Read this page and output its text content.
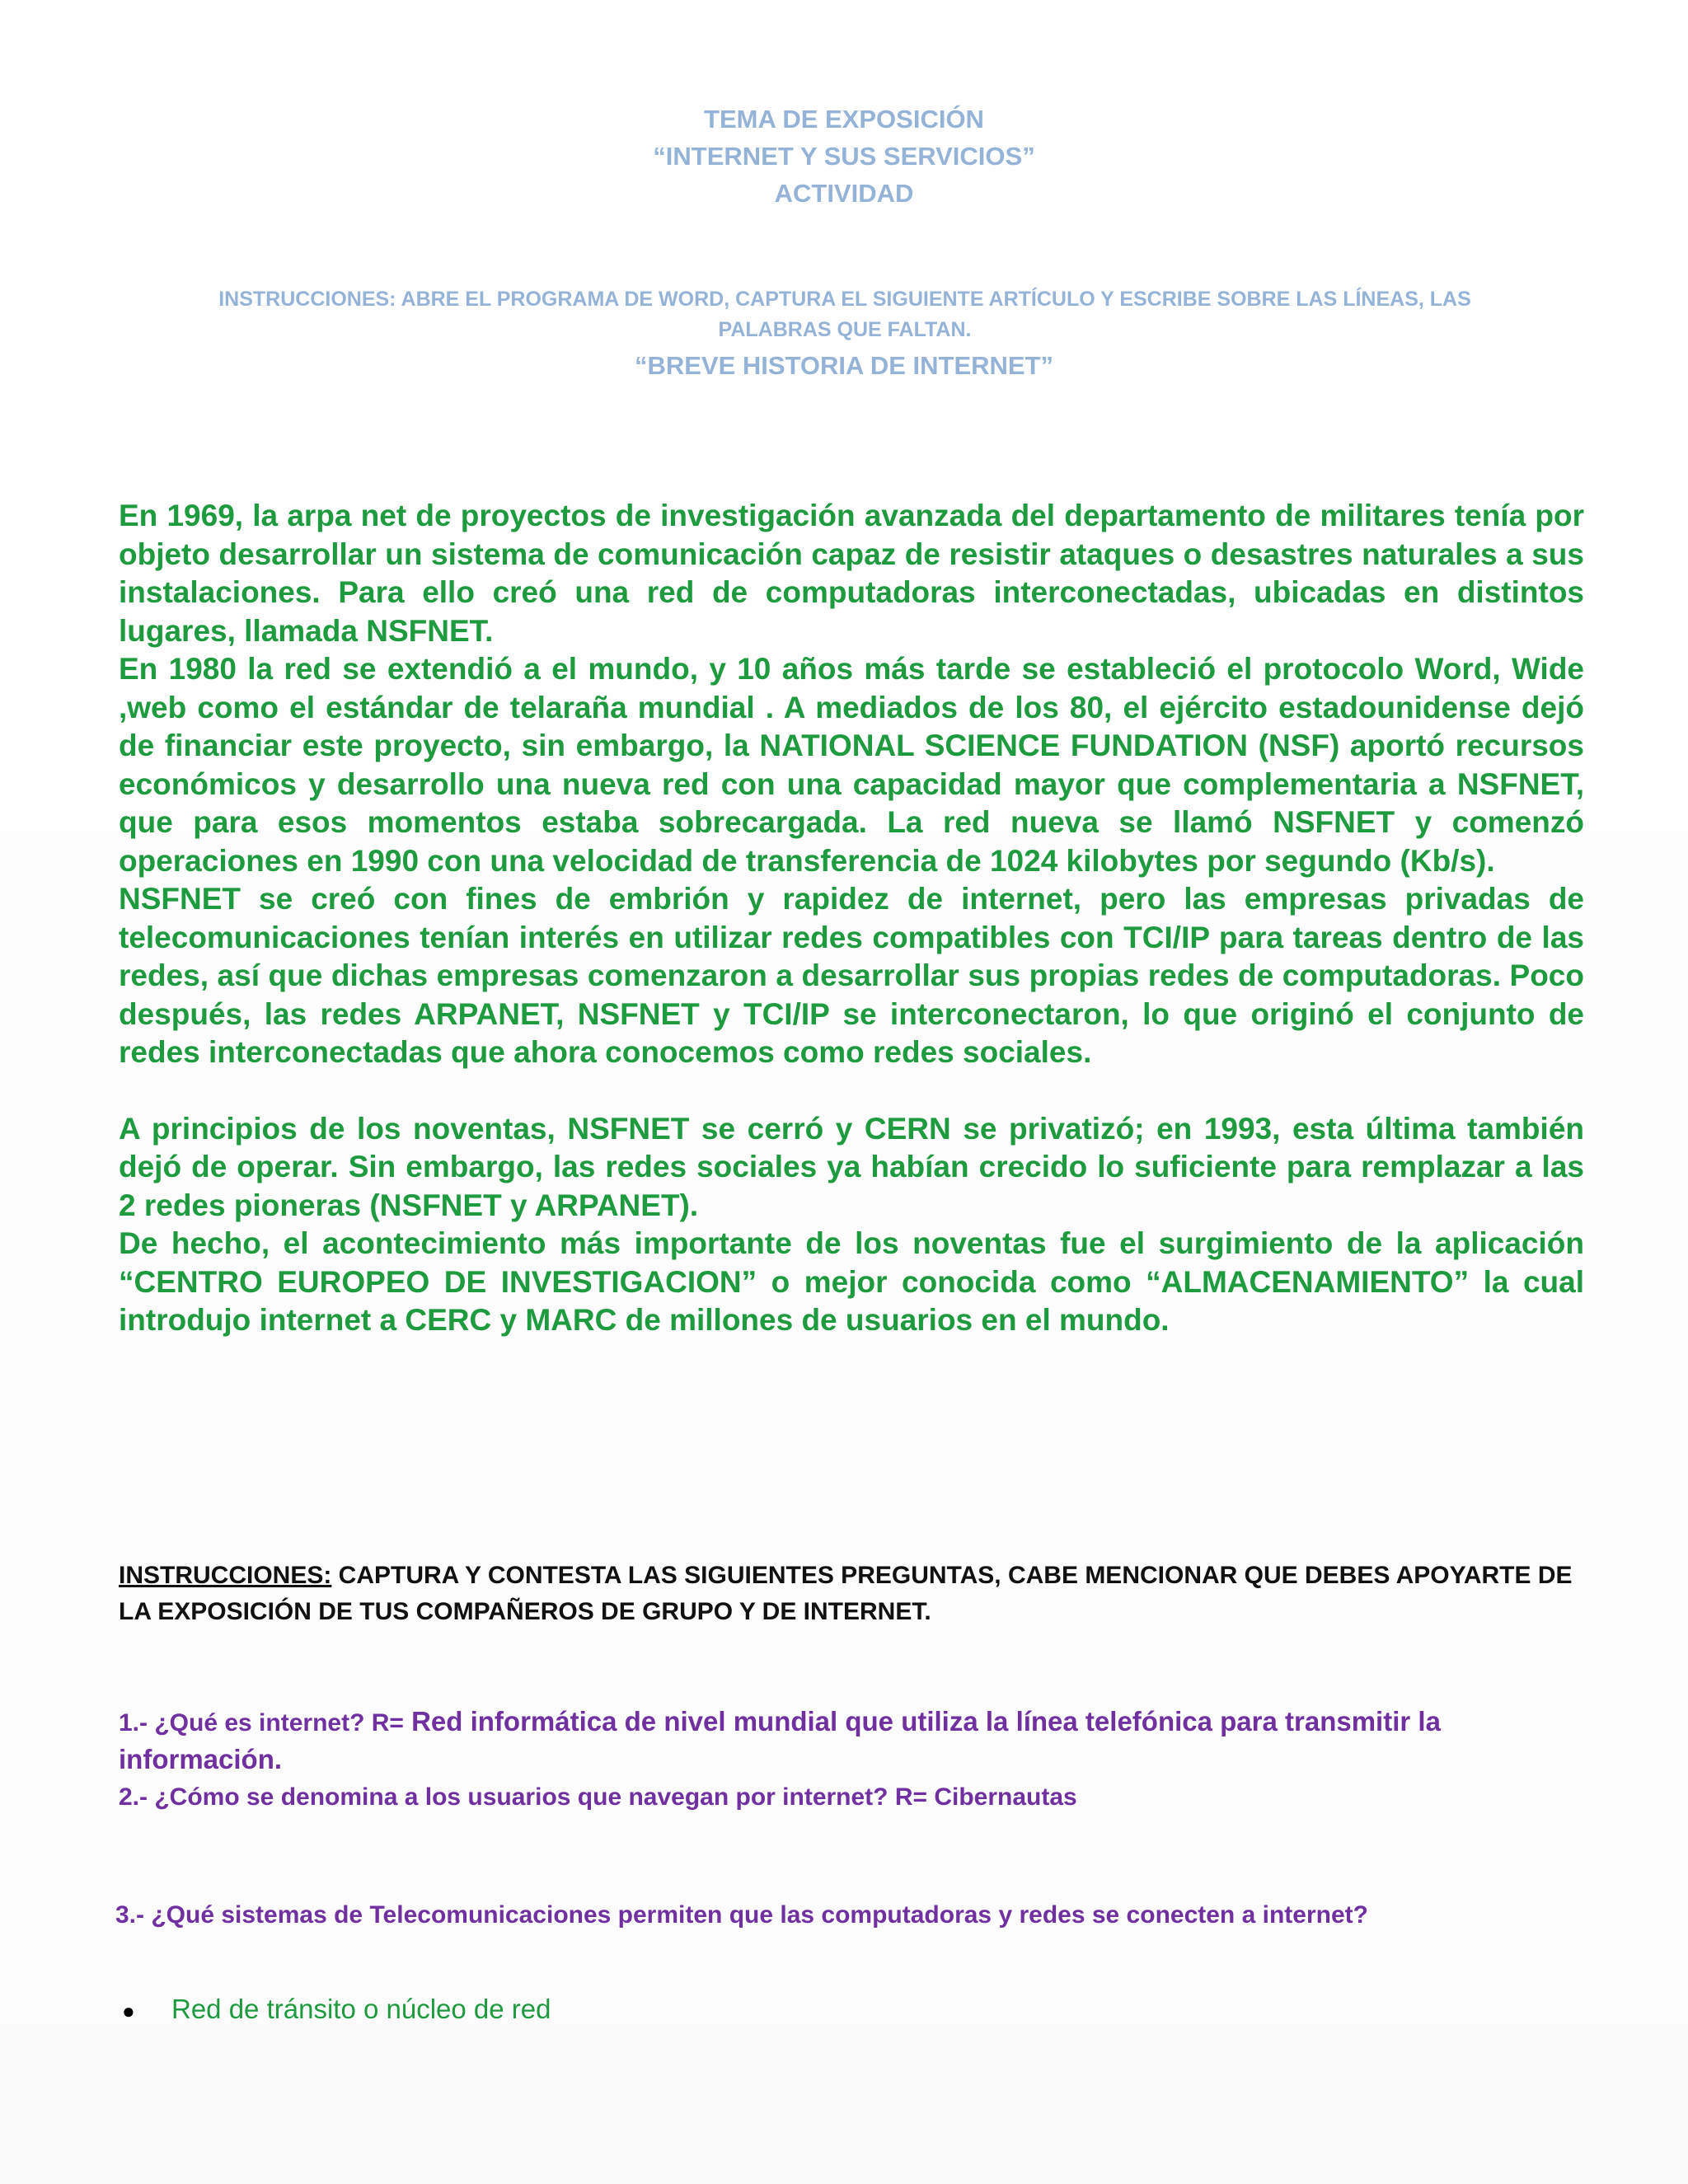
TEMA DE EXPOSICIÓN
“INTERNET Y SUS SERVICIOS”
ACTIVIDAD
INSTRUCCIONES: ABRE EL PROGRAMA DE WORD, CAPTURA EL SIGUIENTE ARTÍCULO Y ESCRIBE SOBRE LAS LÍNEAS, LAS PALABRAS QUE FALTAN.
“BREVE HISTORIA DE INTERNET”

En 1969, la arpa net de proyectos de investigación avanzada del departamento de militares tenía por objeto desarrollar un sistema de comunicación capaz de resistir ataques o desastres naturales a sus instalaciones. Para ello creó una red de computadoras interconectadas, ubicadas en distintos lugares, llamada NSFNET.

En 1980 la red se extendió a el mundo, y 10 años más tarde se estableció el protocolo Word, Wide ,web como el estándar de telaraña mundial . A mediados de los 80, el ejército estadounidense dejó de financiar este proyecto, sin embargo, la NATIONAL SCIENCE FUNDATION (NSF) aportó recursos económicos y desarrollo una nueva red con una capacidad mayor que complementaria a NSFNET, que para esos momentos estaba sobrecargada. La red nueva se llamó NSFNET y comenzó operaciones en 1990 con una velocidad de transferencia de 1024 kilobytes por segundo (Kb/s).

NSFNET se creó con fines de embrión y rapidez de internet, pero las empresas privadas de telecomunicaciones tenían interés en utilizar redes compatibles con TCI/IP para tareas dentro de las redes, así que dichas empresas comenzaron a desarrollar sus propias redes de computadoras. Poco después, las redes ARPANET, NSFNET y TCI/IP se interconectaron, lo que originó el conjunto de redes interconectadas que ahora conocemos como redes sociales.

A principios de los noventas, NSFNET se cerró y CERN se privatizó; en 1993, esta última también dejó de operar. Sin embargo, las redes sociales ya habían crecido lo suficiente para remplazar a las 2 redes pioneras (NSFNET y ARPANET).

De hecho, el acontecimiento más importante de los noventas fue el surgimiento de la aplicación “CENTRO EUROPEO DE INVESTIGACION” o mejor conocida como “ALMACENAMIENTO” la cual introdujo internet a CERC y MARC de millones de usuarios en el mundo.

INSTRUCCIONES: CAPTURA Y CONTESTA LAS SIGUIENTES PREGUNTAS, CABE MENCIONAR QUE DEBES APOYARTE DE LA EXPOSICIÓN DE TUS COMPAÑEROS DE GRUPO Y DE INTERNET.
1.- ¿Qué es internet? R= Red informática de nivel mundial que utiliza la línea telefónica para transmitir la información.
2.- ¿Cómo se denomina a los usuarios que navegan por internet? R= Cibernautas
3.- ¿Qué sistemas de Telecomunicaciones permiten que las computadoras y redes se conecten a internet?
● Red de tránsito o núcleo de red
